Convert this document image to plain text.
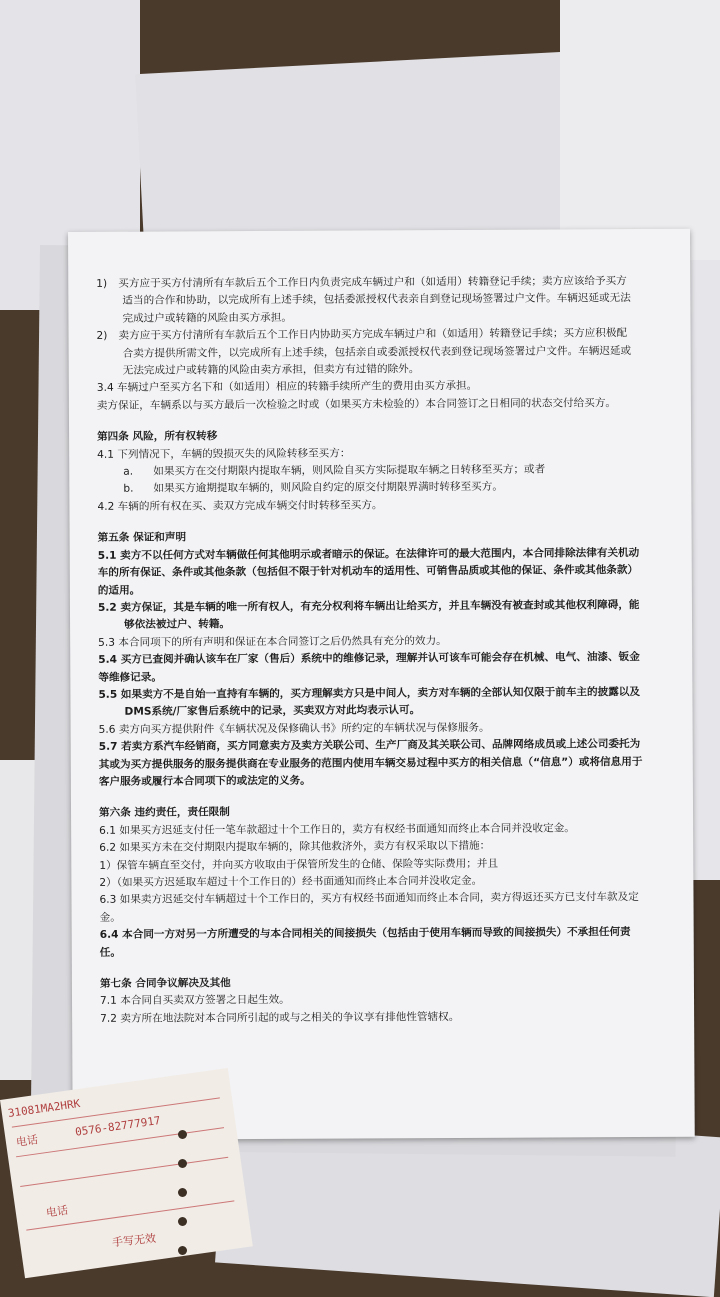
1) 买方应于买方付清所有车款后五个工作日内负责完成车辆过户和（如适用）转籍登记手续；卖方应该给予买方
适当的合作和协助，以完成所有上述手续，包括委派授权代表亲自到登记现场签署过户文件。车辆迟延或无法
完成过户或转籍的风险由买方承担。
2) 卖方应于买方付清所有车款后五个工作日内协助买方完成车辆过户和（如适用）转籍登记手续；买方应积极配
合卖方提供所需文件，以完成所有上述手续，包括亲自或委派授权代表到登记现场签署过户文件。车辆迟延或
无法完成过户或转籍的风险由卖方承担，但卖方有过错的除外。
3.4 车辆过户至买方名下和（如适用）相应的转籍手续所产生的费用由买方承担。
卖方保证，车辆系以与买方最后一次检验之时或（如果买方未检验的）本合同签订之日相同的状态交付给买方。
第四条 风险，所有权转移
4.1 下列情况下，车辆的毁损灭失的风险转移至买方：
a. 如果买方在交付期限内提取车辆，则风险自买方实际提取车辆之日转移至买方；或者
b. 如果买方逾期提取车辆的，则风险自约定的原交付期限界满时转移至买方。
4.2 车辆的所有权在买、卖双方完成车辆交付时转移至买方。
第五条 保证和声明
5.1 卖方不以任何方式对车辆做任何其他明示或者暗示的保证。在法律许可的最大范围内，本合同排除法律有关机动
车的所有保证、条件或其他条款（包括但不限于针对机动车的适用性、可销售品质或其他的保证、条件或其他条款）
的适用。
5.2 卖方保证，其是车辆的唯一所有权人，有充分权利将车辆出让给买方，并且车辆没有被查封或其他权利障碍，能
够依法被过户、转籍。
5.3 本合同项下的所有声明和保证在本合同签订之后仍然具有充分的效力。
5.4 买方已查阅并确认该车在厂家（售后）系统中的维修记录，理解并认可该车可能会存在机械、电气、油漆、钣金
等维修记录。
5.5 如果卖方不是自始一直持有车辆的，买方理解卖方只是中间人，卖方对车辆的全部认知仅限于前车主的披露以及
DMS系统/厂家售后系统中的记录，买卖双方对此均表示认可。
5.6 卖方向买方提供附件《车辆状况及保修确认书》所约定的车辆状况与保修服务。
5.7 若卖方系汽车经销商，买方同意卖方及卖方关联公司、生产厂商及其关联公司、品牌网络成员或上述公司委托为
其或为买方提供服务的服务提供商在专业服务的范围内使用车辆交易过程中买方的相关信息（“信息”）或将信息用于
客户服务或履行本合同项下的或法定的义务。
第六条 违约责任，责任限制
6.1 如果买方迟延支付任一笔车款超过十个工作日的，卖方有权经书面通知而终止本合同并没收定金。
6.2 如果买方未在交付期限内提取车辆的，除其他救济外，卖方有权采取以下措施：
1）保管车辆直至交付，并向买方收取由于保管所发生的仓储、保险等实际费用；并且
2）（如果买方迟延取车超过十个工作日的）经书面通知而终止本合同并没收定金。
6.3 如果卖方迟延交付车辆超过十个工作日的，买方有权经书面通知而终止本合同，卖方得返还买方已支付车款及定
金。
6.4 本合同一方对另一方所遭受的与本合同相关的间接损失（包括由于使用车辆而导致的间接损失）不承担任何责
任。
第七条 合同争议解决及其他
7.1 本合同自买卖双方签署之日起生效。
7.2 卖方所在地法院对本合同所引起的或与之相关的争议享有排他性管辖权。
31081MA2HRK
电话
0576-82777917
电话
手写无效
